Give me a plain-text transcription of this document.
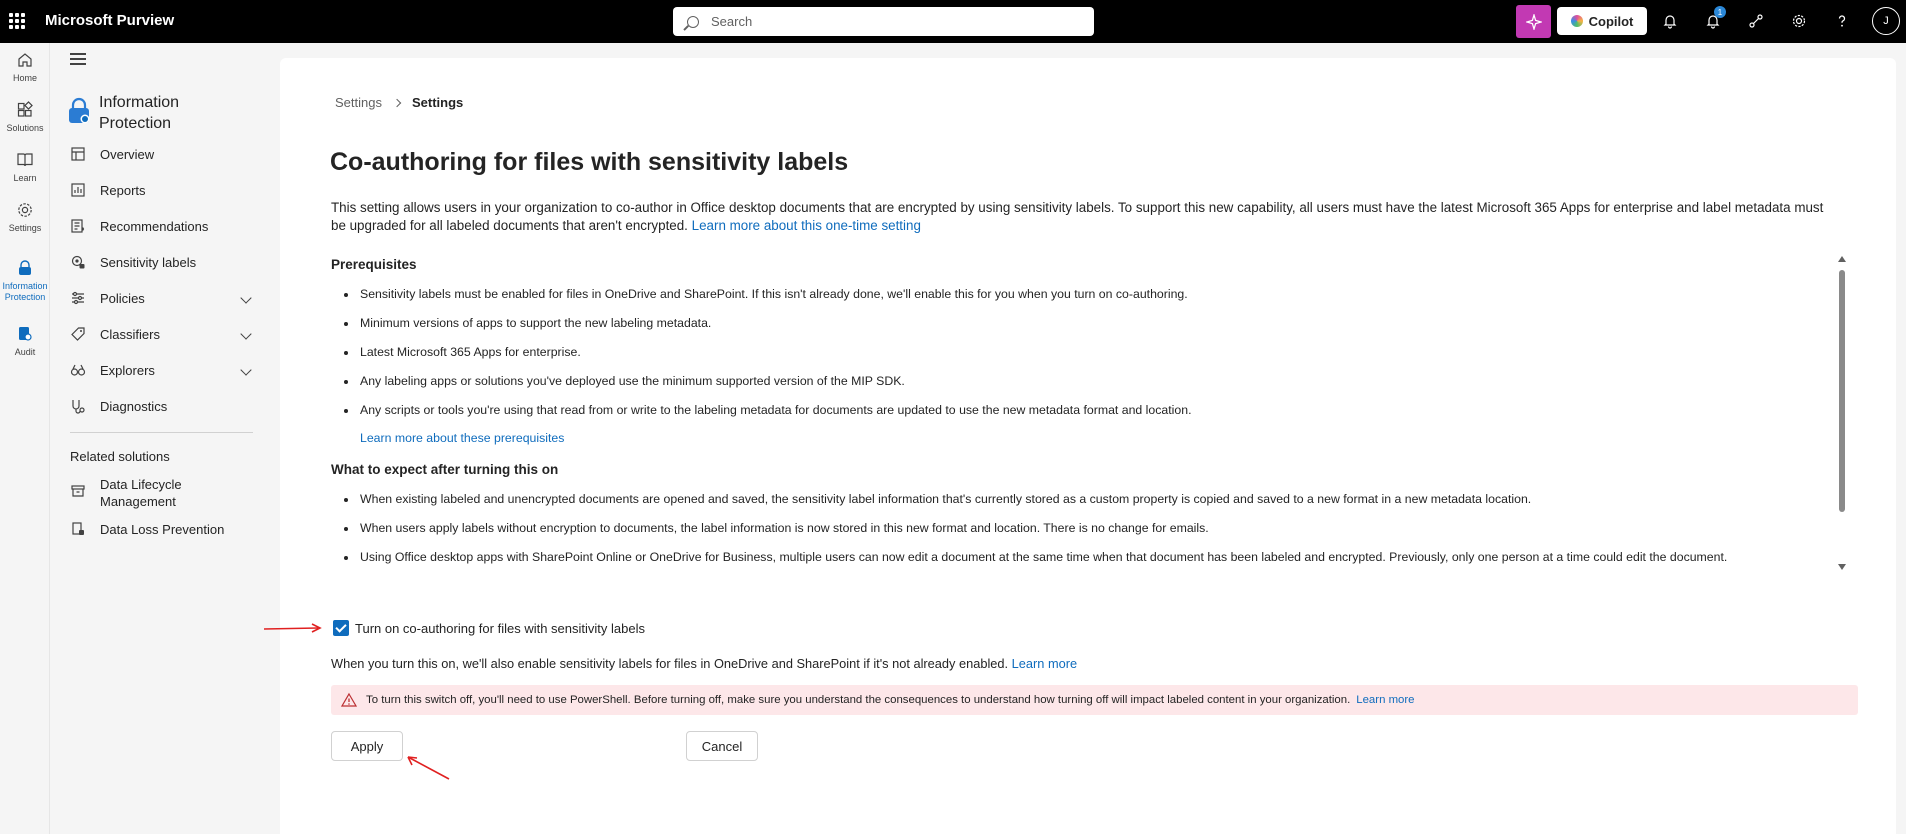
Microsoft Purview	Search	Copilot
1
J
Home
Solutions
Learn
Settings
Information Protection
Audit
Information Protection
Overview
Reports
Recommendations
Sensitivity labels
Policies
Classifiers
Explorers
Diagnostics
Related solutions
Data Lifecycle Management
Data Loss Prevention
Settings Settings
Co-authoring for files with sensitivity labels
This setting allows users in your organization to co-author in Office desktop documents that are encrypted by using sensitivity labels. To support this new capability, all users must have the latest Microsoft 365 Apps for enterprise and label metadata must be upgraded for all labeled documents that aren't encrypted. Learn more about this one-time setting
Prerequisites
Sensitivity labels must be enabled for files in OneDrive and SharePoint. If this isn't already done, we'll enable this for you when you turn on co-authoring.
Minimum versions of apps to support the new labeling metadata.
Latest Microsoft 365 Apps for enterprise.
Any labeling apps or solutions you've deployed use the minimum supported version of the MIP SDK.
Any scripts or tools you're using that read from or write to the labeling metadata for documents are updated to use the new metadata format and location.
Learn more about these prerequisites
What to expect after turning this on
When existing labeled and unencrypted documents are opened and saved, the sensitivity label information that's currently stored as a custom property is copied and saved to a new format in a new metadata location.
When users apply labels without encryption to documents, the label information is now stored in this new format and location. There is no change for emails.
Using Office desktop apps with SharePoint Online or OneDrive for Business, multiple users can now edit a document at the same time when that document has been labeled and encrypted. Previously, only one person at a time could edit the document.
Turn on co-authoring for files with sensitivity labels
When you turn this on, we'll also enable sensitivity labels for files in OneDrive and SharePoint if it's not already enabled. Learn more
To turn this switch off, you'll need to use PowerShell. Before turning off, make sure you understand the consequences to understand how turning off will impact labeled content in your organization. Learn more
Apply	Cancel
